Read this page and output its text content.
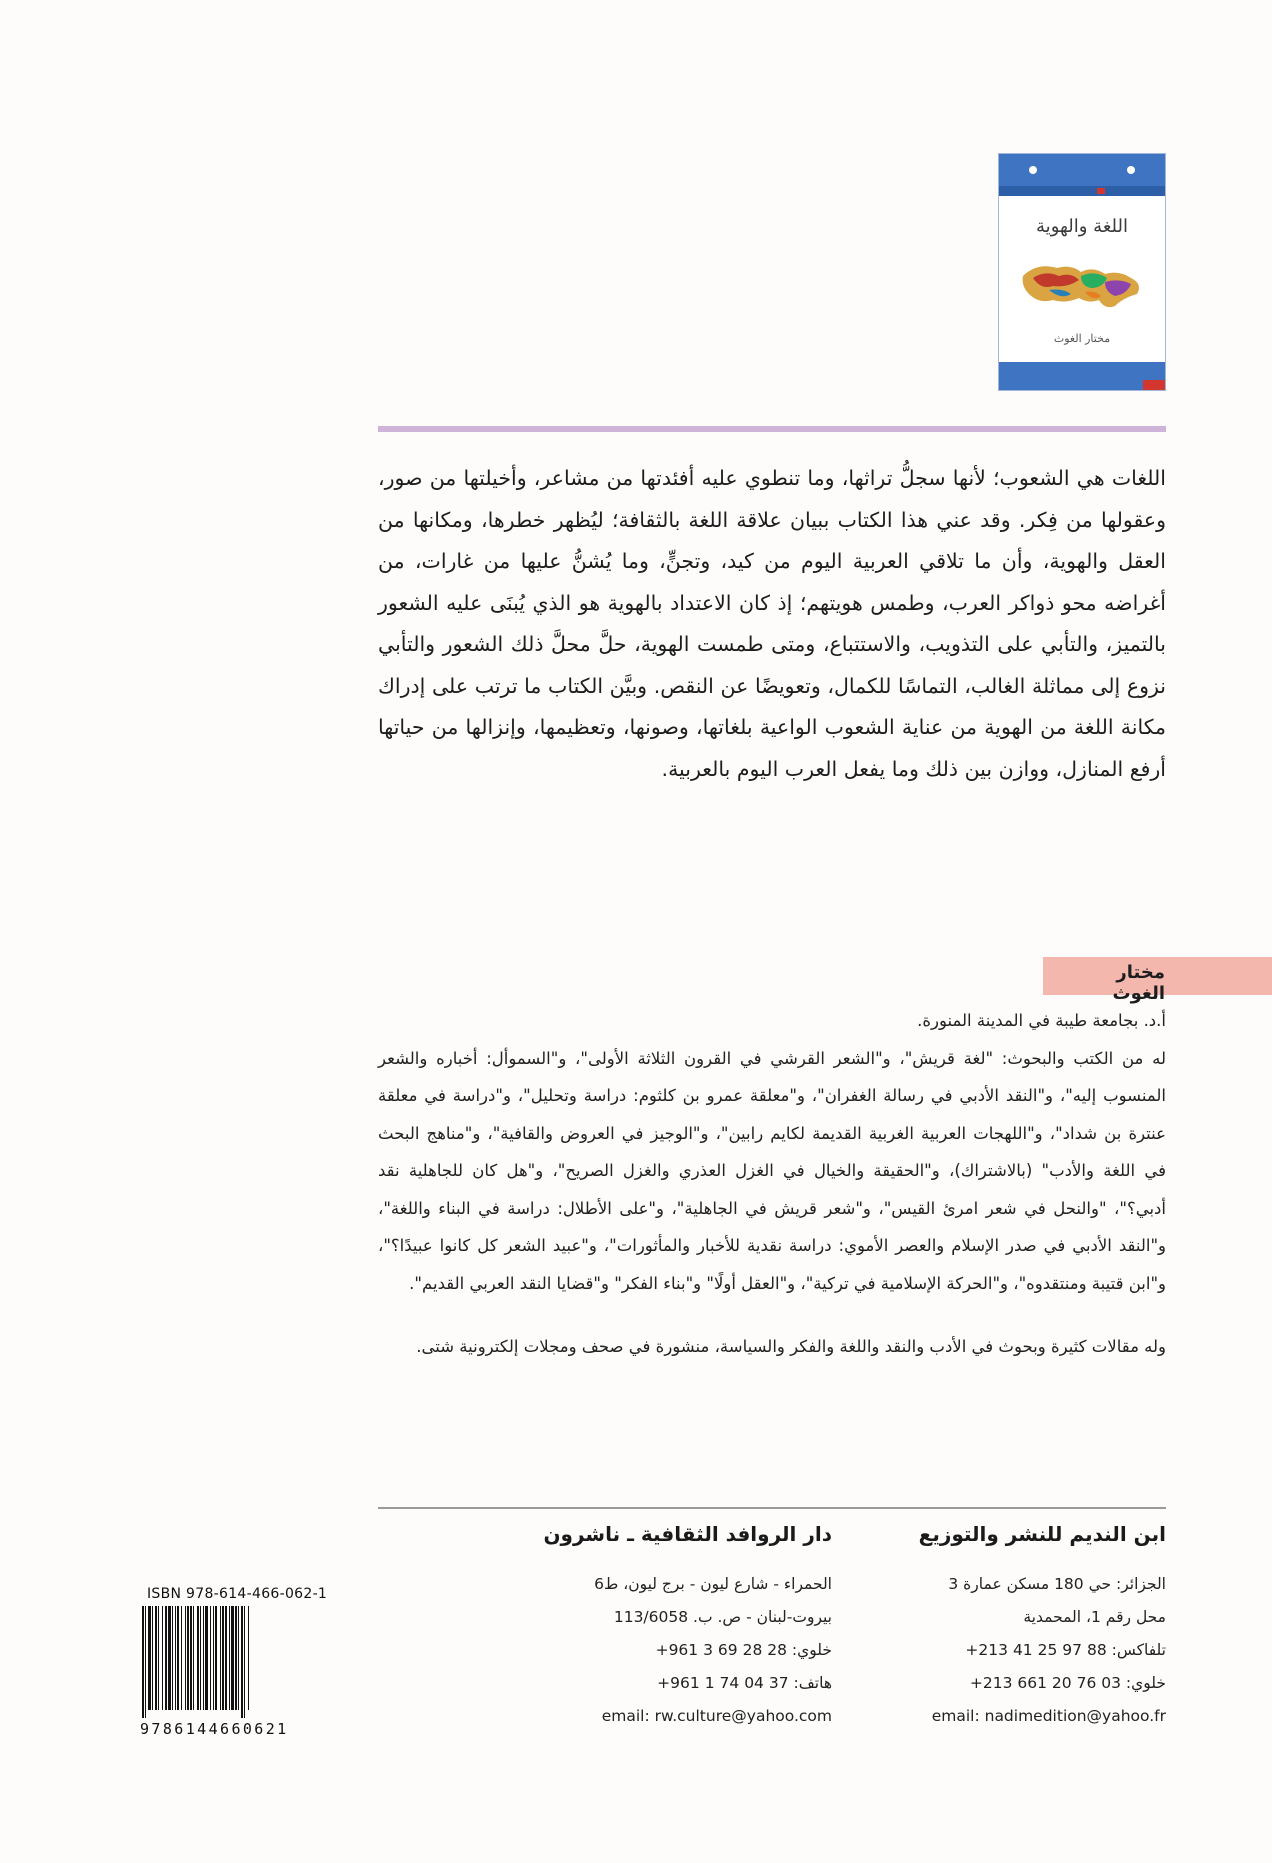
اللغة والهوية
مختار الغوث
اللغات هي الشعوب؛ لأنها سجلُّ تراثها، وما تنطوي عليه أفئدتها من مشاعر، وأخيلتها من صور، وعقولها من فِكر. وقد عني هذا الكتاب ببيان علاقة اللغة بالثقافة؛ ليُظهر خطرها، ومكانها من العقل والهوية، وأن ما تلاقي العربية اليوم من كيد، وتجنٍّ، وما يُشنُّ عليها من غارات، من أغراضه محو ذواكر العرب، وطمس هويتهم؛ إذ كان الاعتداد بالهوية هو الذي يُبنَى عليه الشعور بالتميز، والتأبي على التذويب، والاستتباع، ومتى طمست الهوية، حلَّ محلَّ ذلك الشعور والتأبي نزوع إلى مماثلة الغالب، التماسًا للكمال، وتعويضًا عن النقص. وبيَّن الكتاب ما ترتب على إدراك مكانة اللغة من الهوية من عناية الشعوب الواعية بلغاتها، وصونها، وتعظيمها، وإنزالها من حياتها أرفع المنازل، ووازن بين ذلك وما يفعل العرب اليوم بالعربية.
مختار الغوث

أ.د. بجامعة طيبة في المدينة المنورة.

له من الكتب والبحوث: "لغة قريش"، و"الشعر القرشي في القرون الثلاثة الأولى"، و"السموأل: أخباره والشعر المنسوب إليه"، و"النقد الأدبي في رسالة الغفران"، و"معلقة عمرو بن كلثوم: دراسة وتحليل"، و"دراسة في معلقة عنترة بن شداد"، و"اللهجات العربية الغربية القديمة لكايم رابين"، و"الوجيز في العروض والقافية"، و"مناهج البحث في اللغة والأدب" (بالاشتراك)، و"الحقيقة والخيال في الغزل العذري والغزل الصريح"، و"هل كان للجاهلية نقد أدبي؟"، "والنحل في شعر امرئ القيس"، و"شعر قريش في الجاهلية"، و"على الأطلال: دراسة في البناء واللغة"، و"النقد الأدبي في صدر الإسلام والعصر الأموي: دراسة نقدية للأخبار والمأثورات"، و"عبيد الشعر كل كانوا عبيدًا؟"، و"ابن قتيبة ومنتقدوه"، و"الحركة الإسلامية في تركية"، و"العقل أولًا" و"بناء الفكر" و"قضايا النقد العربي القديم".

وله مقالات كثيرة وبحوث في الأدب والنقد واللغة والفكر والسياسة، منشورة في صحف ومجلات إلكترونية شتى.

ابن النديم للنشر والتوزيع
الجزائر: حي 180 مسكن عمارة 3
محل رقم 1، المحمدية
تلفاكس: 88 97 25 41 213+
خلوي: 03 76 20 661 213+
email: nadimedition@yahoo.fr
دار الروافد الثقافية ـ ناشرون
الحمراء - شارع ليون - برج ليون، ط6
بيروت-لبنان - ص. ب. 113/6058
خلوي: 28 28 69 3 961+
هاتف: 37 04 74 1 961+
email: rw.culture@yahoo.com
ISBN 978-614-466-062-1
9786144660621
